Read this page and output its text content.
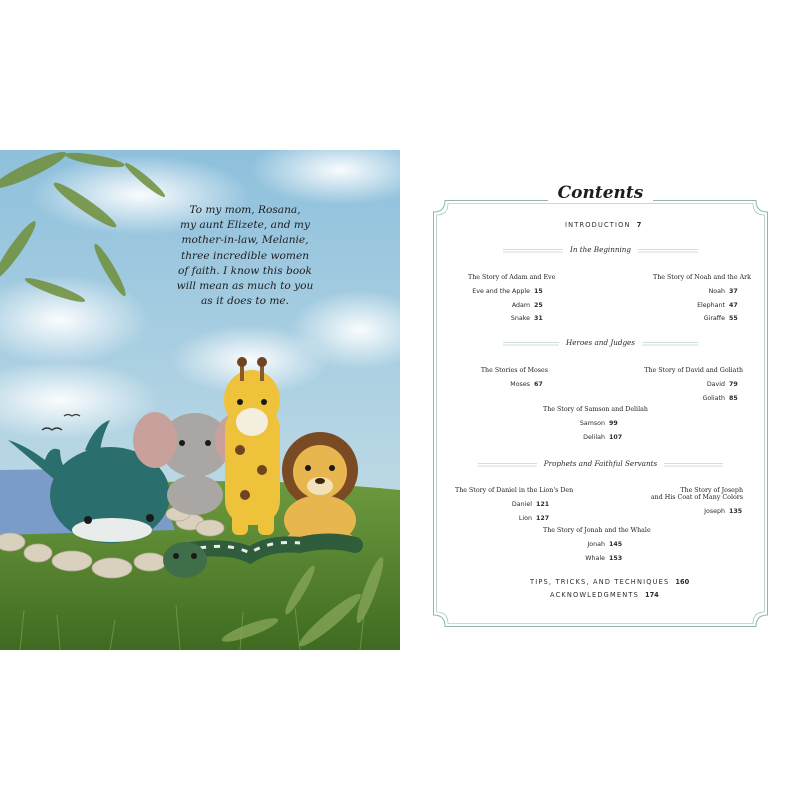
To my mom, Rosana,
my aunt Elizete, and my
mother-in-law, Melanie,
three incredible women
of faith. I know this book
will mean as much to you
as it does to me.
Contents
INTRODUCTION 7
In the Beginning
The Story of Adam and Eve
Eve and the Apple 15
Adam 25
Snake 31
The Story of Noah and the Ark
Noah 37
Elephant 47
Giraffe 55
Heroes and Judges
The Stories of Moses
Moses 67
The Story of David and Goliath
David 79
Goliath 85
The Story of Samson and Delilah
Samson 99
Delilah 107
Prophets and Faithful Servants
The Story of Daniel in the Lion's Den
Daniel 121
Lion 127
The Story of Joseph
and His Coat of Many Colors
Joseph 135
The Story of Jonah and the Whale
Jonah 145
Whale 153
TIPS, TRICKS, AND TECHNIQUES 160
ACKNOWLEDGMENTS 174
